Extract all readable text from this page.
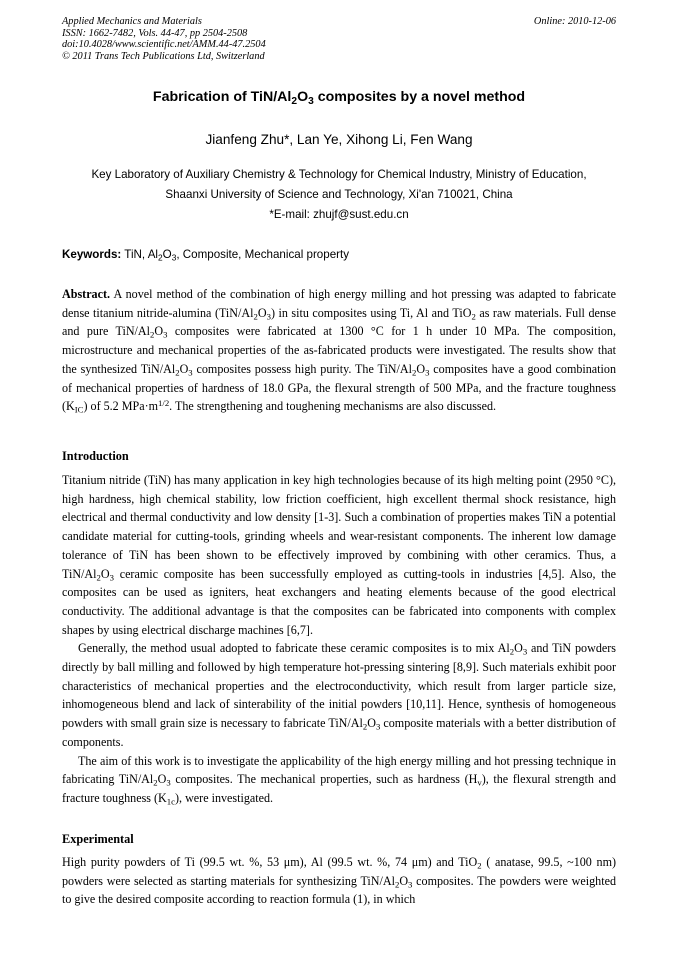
Applied Mechanics and Materials
ISSN: 1662-7482, Vols. 44-47, pp 2504-2508
doi:10.4028/www.scientific.net/AMM.44-47.2504
© 2011 Trans Tech Publications Ltd, Switzerland
Online: 2010-12-06
Fabrication of TiN/$Al_2O_3$ composites by a novel method
Jianfeng Zhu*, Lan Ye, Xihong Li, Fen Wang
Key Laboratory of Auxiliary Chemistry & Technology for Chemical Industry, Ministry of Education,
Shaanxi University of Science and Technology, Xi'an 710021, China
*E-mail: zhujf@sust.edu.cn
Keywords: TiN, $Al_2O_3$, Composite, Mechanical property

Abstract. A novel method of the combination of high energy milling and hot pressing was adapted to fabricate dense titanium nitride-alumina $(TiN/Al_2O_3)$ in situ composites using Ti, Al and TiO$_2$ as raw materials. Full dense and pure TiN/$Al_2O_3$ composites were fabricated at 1300 °C for 1 h under 10 MPa. The composition, microstructure and mechanical properties of the as-fabricated products were investigated. The results show that the synthesized TiN/$Al_2O_3$ composites possess high purity. The TiN/$Al_2O_3$ composites have a good combination of mechanical properties of hardness of 18.0 GPa, the flexural strength of 500 MPa, and the fracture toughness $(K_{IC})$ of 5.2 $MPa\cdot m^{1/2}$. The strengthening and toughening mechanisms are also discussed.

Introduction

Titanium nitride (TiN) has many application in key high technologies because of its high melting point (2950 °C), high hardness, high chemical stability, low friction coefficient, high excellent thermal shock resistance, high electrical and thermal conductivity and low density [1-3]. Such a combination of properties makes TiN a potential candidate material for cutting-tools, grinding wheels and wear-resistant components. The inherent low damage tolerance of TiN has been shown to be effectively improved by combining with other ceramics. Thus, a TiN/$Al_2O_3$ ceramic composite has been successfully employed as cutting-tools in industries [4,5]. Also, the composites can be used as igniters, heat exchangers and heating elements because of the good electrical conductivity. The additional advantage is that the composites can be fabricated into components with complex shapes by using electrical discharge machines [6,7].

Generally, the method usual adopted to fabricate these ceramic composites is to mix $Al_2O_3$ and TiN powders directly by ball milling and followed by high temperature hot-pressing sintering [8,9]. Such materials exhibit poor characteristics of mechanical properties and the electroconductivity, which result from larger particle size, inhomogeneous blend and lack of sinterability of the initial powders [10,11]. Hence, synthesis of homogeneous powders with small grain size is necessary to fabricate TiN/$Al_2O_3$ composite materials with a better distribution of components.

The aim of this work is to investigate the applicability of the high energy milling and hot pressing technique in fabricating TiN/$Al_2O_3$ composites. The mechanical properties, such as hardness $(H_v)$, the flexural strength and fracture toughness $(K_{1c})$, were investigated.

Experimental

High purity powders of Ti (99.5 wt. %, 53 μm), Al (99.5 wt. %, 74 μm) and TiO$_2$ ( anatase, 99.5, ~100 nm) powders were selected as starting materials for synthesizing TiN/$Al_2O_3$ composites. The powders were weighted to give the desired composite according to reaction formula (1), in which
